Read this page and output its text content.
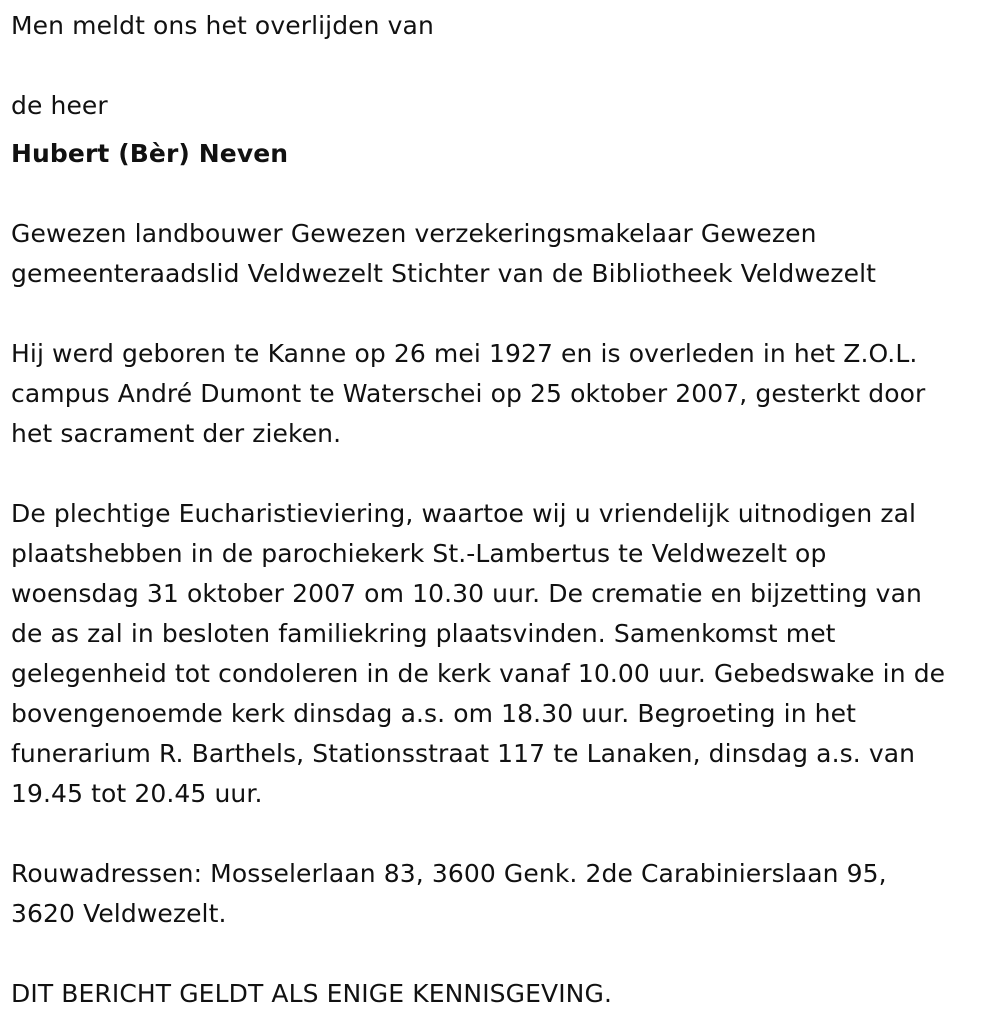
Men meldt ons het overlijden van
de heer
Hubert (Bèr) Neven
Gewezen landbouwer Gewezen verzekeringsmakelaar Gewezen
gemeenteraadslid Veldwezelt Stichter van de Bibliotheek Veldwezelt
Hij werd geboren te Kanne op 26 mei 1927 en is overleden in het Z.O.L.
campus André Dumont te Waterschei op 25 oktober 2007, gesterkt door
het sacrament der zieken.
De plechtige Eucharistieviering, waartoe wij u vriendelijk uitnodigen zal
plaatshebben in de parochiekerk St.-Lambertus te Veldwezelt op
woensdag 31 oktober 2007 om 10.30 uur. De crematie en bijzetting van
de as zal in besloten familiekring plaatsvinden. Samenkomst met
gelegenheid tot condoleren in de kerk vanaf 10.00 uur. Gebedswake in de
bovengenoemde kerk dinsdag a.s. om 18.30 uur. Begroeting in het
funerarium R. Barthels, Stationsstraat 117 te Lanaken, dinsdag a.s. van
19.45 tot 20.45 uur.
Rouwadressen: Mosselerlaan 83, 3600 Genk. 2de Carabinierslaan 95,
3620 Veldwezelt.
DIT BERICHT GELDT ALS ENIGE KENNISGEVING.
